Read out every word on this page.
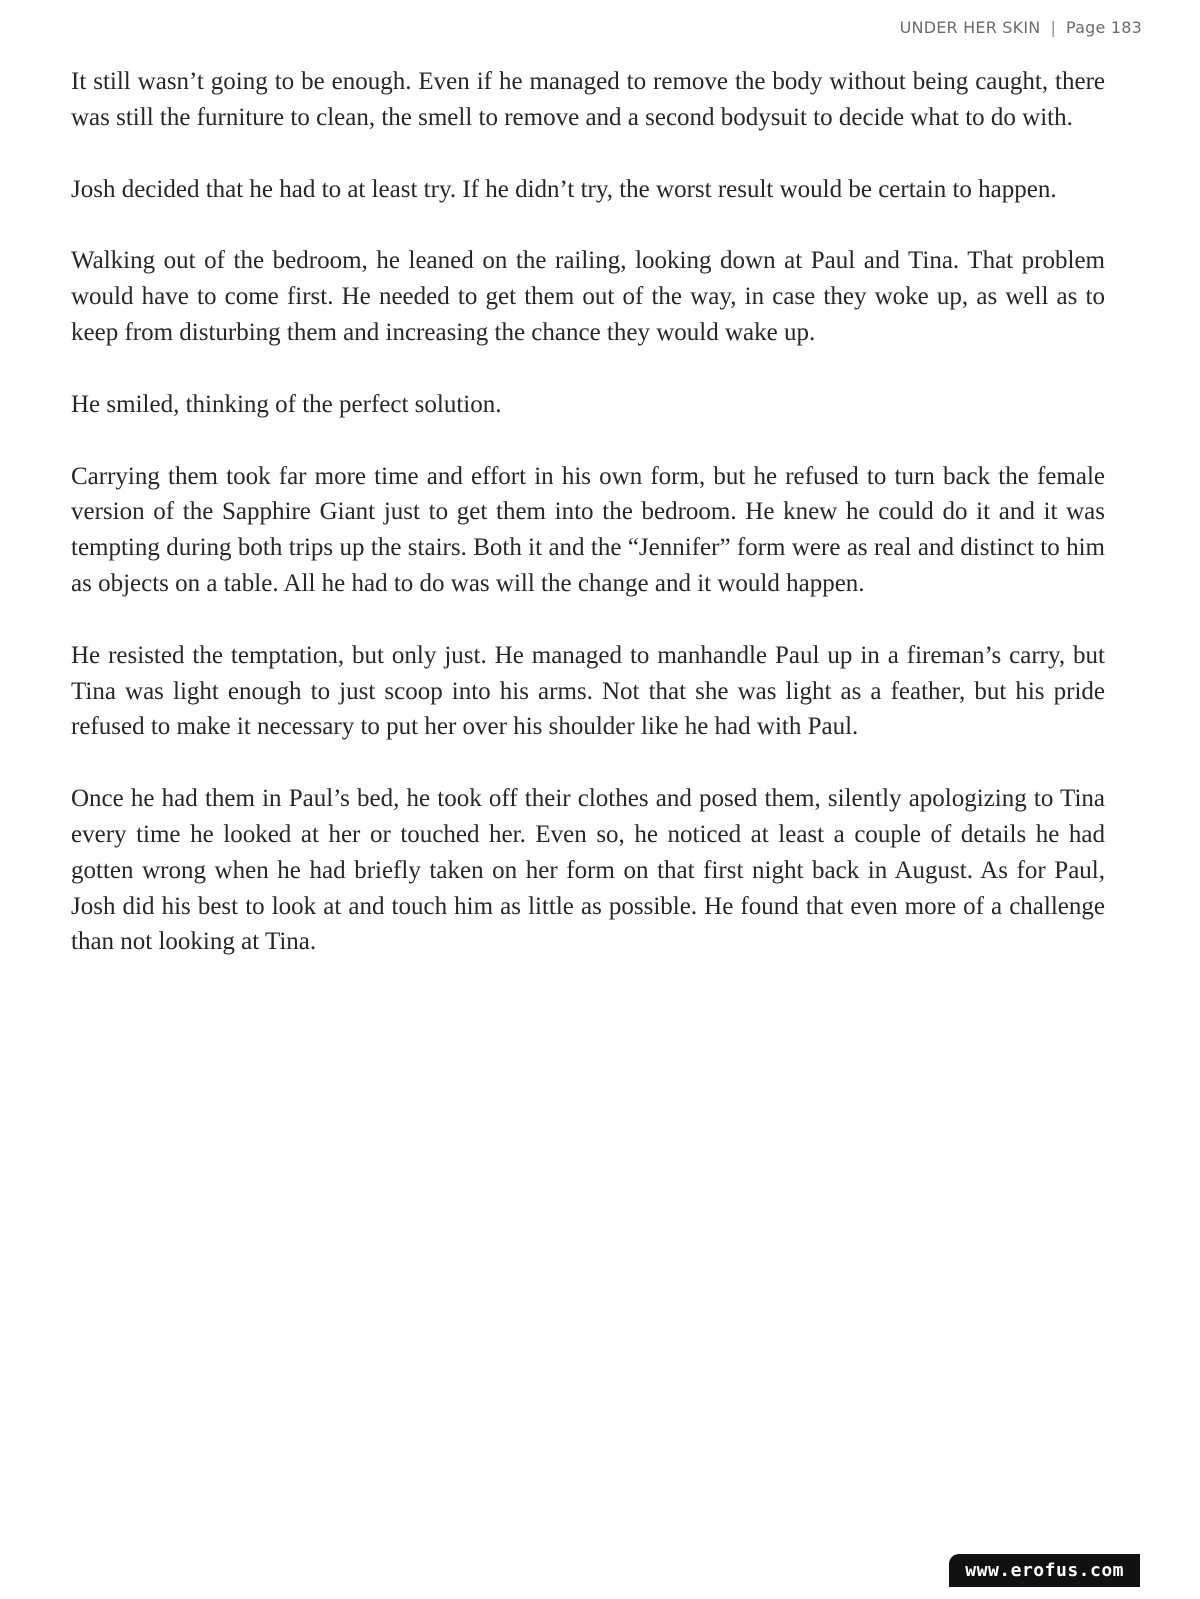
UNDER HER SKIN | Page 183

It still wasn’t going to be enough. Even if he managed to remove the body without being caught, there was still the furniture to clean, the smell to remove and a second bodysuit to decide what to do with.

Josh decided that he had to at least try. If he didn’t try, the worst result would be certain to happen.

Walking out of the bedroom, he leaned on the railing, looking down at Paul and Tina. That problem would have to come first. He needed to get them out of the way, in case they woke up, as well as to keep from disturbing them and increasing the chance they would wake up.

He smiled, thinking of the perfect solution.

Carrying them took far more time and effort in his own form, but he refused to turn back the female version of the Sapphire Giant just to get them into the bedroom. He knew he could do it and it was tempting during both trips up the stairs. Both it and the “Jennifer” form were as real and distinct to him as objects on a table. All he had to do was will the change and it would happen.

He resisted the temptation, but only just. He managed to manhandle Paul up in a fireman’s carry, but Tina was light enough to just scoop into his arms. Not that she was light as a feather, but his pride refused to make it necessary to put her over his shoulder like he had with Paul.

Once he had them in Paul’s bed, he took off their clothes and posed them, silently apologizing to Tina every time he looked at her or touched her. Even so, he noticed at least a couple of details he had gotten wrong when he had briefly taken on her form on that first night back in August. As for Paul, Josh did his best to look at and touch him as little as possible. He found that even more of a challenge than not looking at Tina.

www.erofus.com
